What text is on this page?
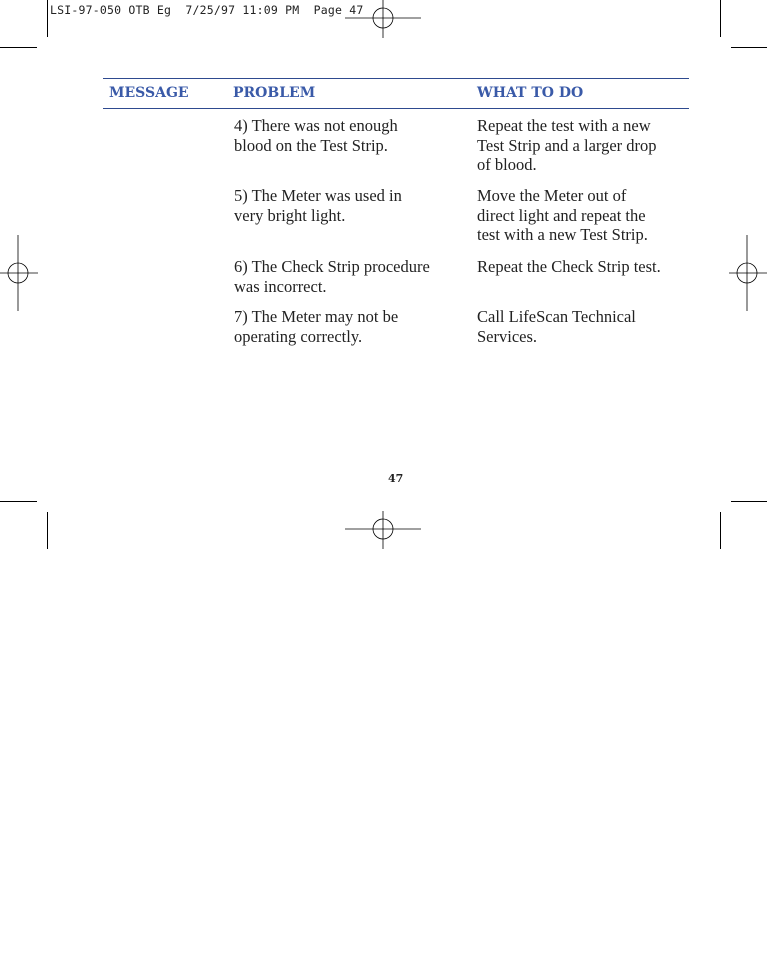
LSI-97-050 OTB Eg  7/25/97 11:09 PM  Page 47
MESSAGE	PROBLEM	WHAT TO DO
4) There was not enough
blood on the Test Strip.
Repeat the test with a new
Test Strip and a larger drop
of blood.
5) The Meter was used in
very bright light.
Move the Meter out of
direct light and repeat the
test with a new Test Strip.
6) The Check Strip procedure
was incorrect.
Repeat the Check Strip test.
7) The Meter may not be
operating correctly.
Call LifeScan Technical
Services.
47
